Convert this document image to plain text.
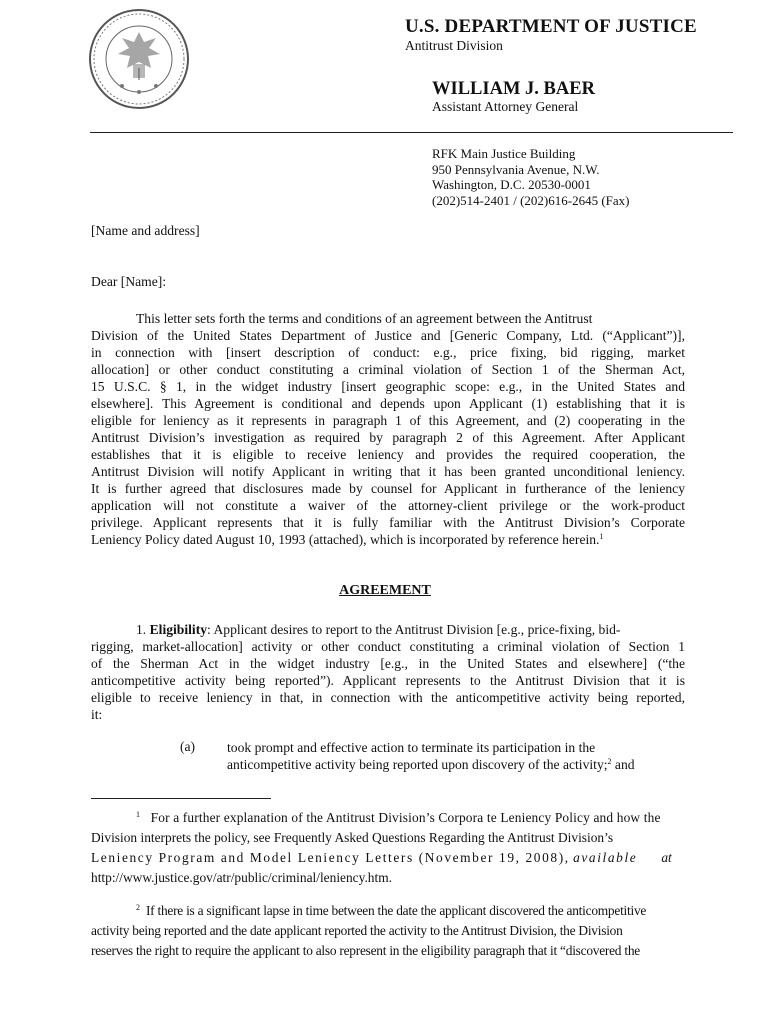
U.S. DEPARTMENT OF JUSTICE
Antitrust Division
WILLIAM J. BAER
Assistant Attorney General
RFK Main Justice Building
950 Pennsylvania Avenue, N.W.
Washington, D.C. 20530-0001
(202)514-2401 / (202)616-2645 (Fax)
[Name and address]
Dear [Name]:
This letter sets forth the terms and conditions of an agreement between the Antitrust
Division of the United States Department of Justice and [Generic Company, Ltd. (“Applicant”)],
in connection with [insert description of conduct: e.g., price fixing, bid rigging, market
allocation] or other conduct constituting a criminal violation of Section 1 of the Sherman Act,
15 U.S.C. § 1, in the widget industry [insert geographic scope: e.g., in the United States and
elsewhere]. This Agreement is conditional and depends upon Applicant (1) establishing that it is
eligible for leniency as it represents in paragraph 1 of this Agreement, and (2) cooperating in the
Antitrust Division’s investigation as required by paragraph 2 of this Agreement. After Applicant
establishes that it is eligible to receive leniency and provides the required cooperation, the
Antitrust Division will notify Applicant in writing that it has been granted unconditional leniency.
It is further agreed that disclosures made by counsel for Applicant in furtherance of the leniency
application will not constitute a waiver of the attorney-client privilege or the work-product
privilege. Applicant represents that it is fully familiar with the Antitrust Division’s Corporate
Leniency Policy dated August 10, 1993 (attached), which is incorporated by reference herein.$^1$
AGREEMENT
1. Eligibility: Applicant desires to report to the Antitrust Division [e.g., price-fixing, bid-
rigging, market-allocation] activity or other conduct constituting a criminal violation of Section 1
of the Sherman Act in the widget industry [e.g., in the United States and elsewhere] (“the
anticompetitive activity being reported”). Applicant represents to the Antitrust Division that it is
eligible to receive leniency in that, in connection with the anticompetitive activity being reported,
it:
(a) took prompt and effective action to terminate its participation in the
anticompetitive activity being reported upon discovery of the activity;$^2$ and
$^1$ For a further explanation of the Antitrust Division’s Corpora te Leniency Policy and how the
Division interprets the policy, see Frequently Asked Questions Regarding the Antitrust Division’s
Leniency Program and Model Leniency Letters (November 19, 2008), available at
http://www.justice.gov/atr/public/criminal/leniency.htm.
$^2$ If there is a significant lapse in time between the date the applicant discovered the anticompetitive
activity being reported and the date applicant reported the activity to the Antitrust Division, the Division
reserves the right to require the applicant to also represent in the eligibility paragraph that it “discovered the
